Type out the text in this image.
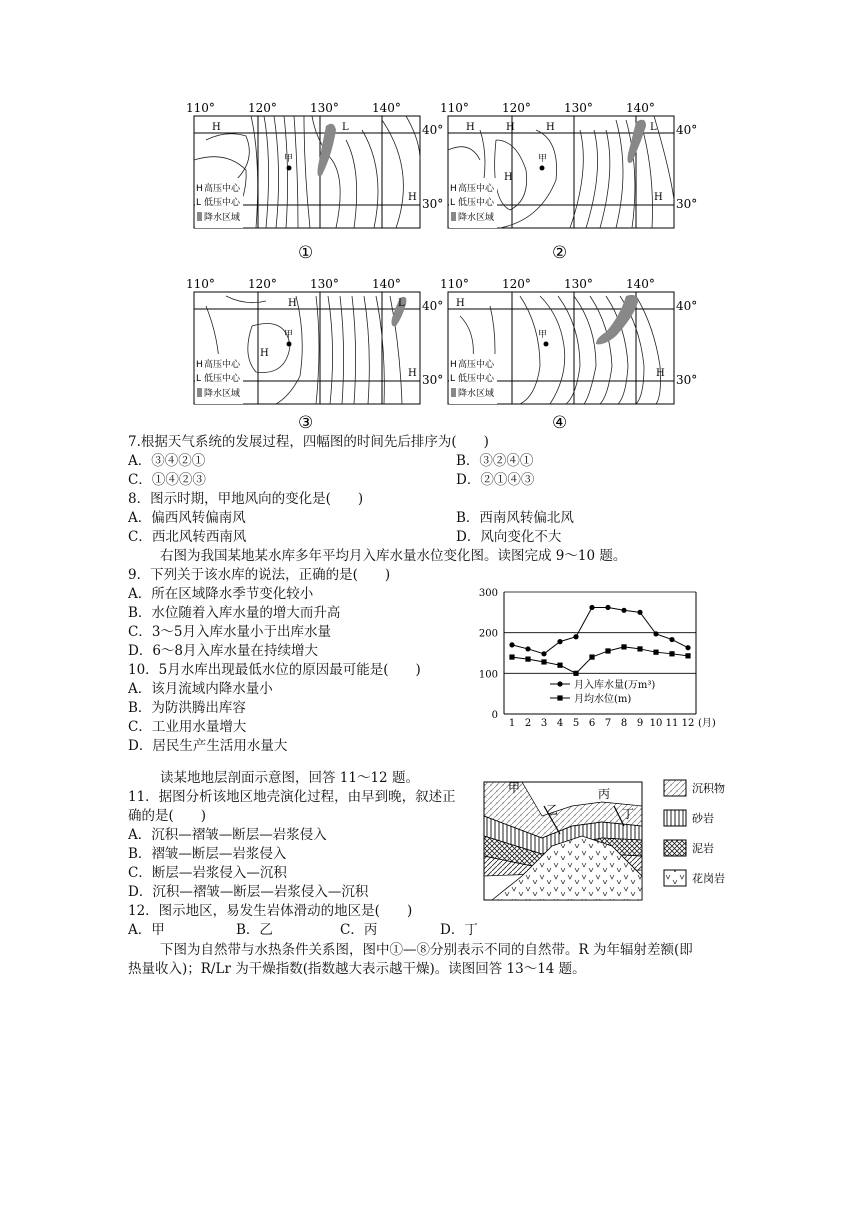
110°	120°	130°	140°
H	L
H
甲
H 高压中心
L 低压中心
降水区域
40°
30°
①
110°	120°	130°	140°
H	H	H
H
L
H
甲
H 高压中心
L 低压中心
降水区域
40°
30°
②
110°	120°	130°	140°
H
H
L
H
甲
H 高压中心
L 低压中心
降水区域
40°
30°
③
110°	120°	130°	140°
H
H
甲
H 高压中心
L 低压中心
降水区域
40°
30°
④
7.根据天气系统的发展过程，四幅图的时间先后排序为(　　)
A．③④②①	B．③②④①
C．①④②③	D．②①④③
8．图示时期，甲地风向的变化是(　　)
A．偏西风转偏南风	B．西南风转偏北风
C．西北风转西南风	D．风向变化不大
右图为我国某地某水库多年平均月入库水量水位变化图。读图完成 9～10 题。
9．下列关于该水库的说法，正确的是(　　)
A．所在区域降水季节变化较小
B．水位随着入库水量的增大而升高
C．3～5月入库水量小于出库水量
D．6～8月入库水量在持续增大
10．5月水库出现最低水位的原因最可能是(　　)
A．该月流域内降水量小
B．为防洪腾出库容
C．工业用水量增大
D．居民生产生活用水量大
0
100
200
300
1 2 3 4 5 6 7 8 9 10 11 12 (月)
月入库水量(万m³)
月均水位(m)
读某地地层剖面示意图，回答 11～12 题。
11．据图分析该地区地壳演化过程，由早到晚，叙述正
确的是(　　)
A．沉积—褶皱—断层—岩浆侵入
B．褶皱—断层—岩浆侵入
C．断层—岩浆侵入—沉积
D．沉积—褶皱—断层—岩浆侵入—沉积
12．图示地区，易发生岩体滑动的地区是(　　)
A．甲	B．乙	C．丙	D．丁
甲
乙
丙
丁
沉积物
砂岩
泥岩
花岗岩
下图为自然带与水热条件关系图，图中①—⑧分别表示不同的自然带。R 为年辐射差额(即
热量收入)；R/Lr 为干燥指数(指数越大表示越干燥)。读图回答 13～14 题。
